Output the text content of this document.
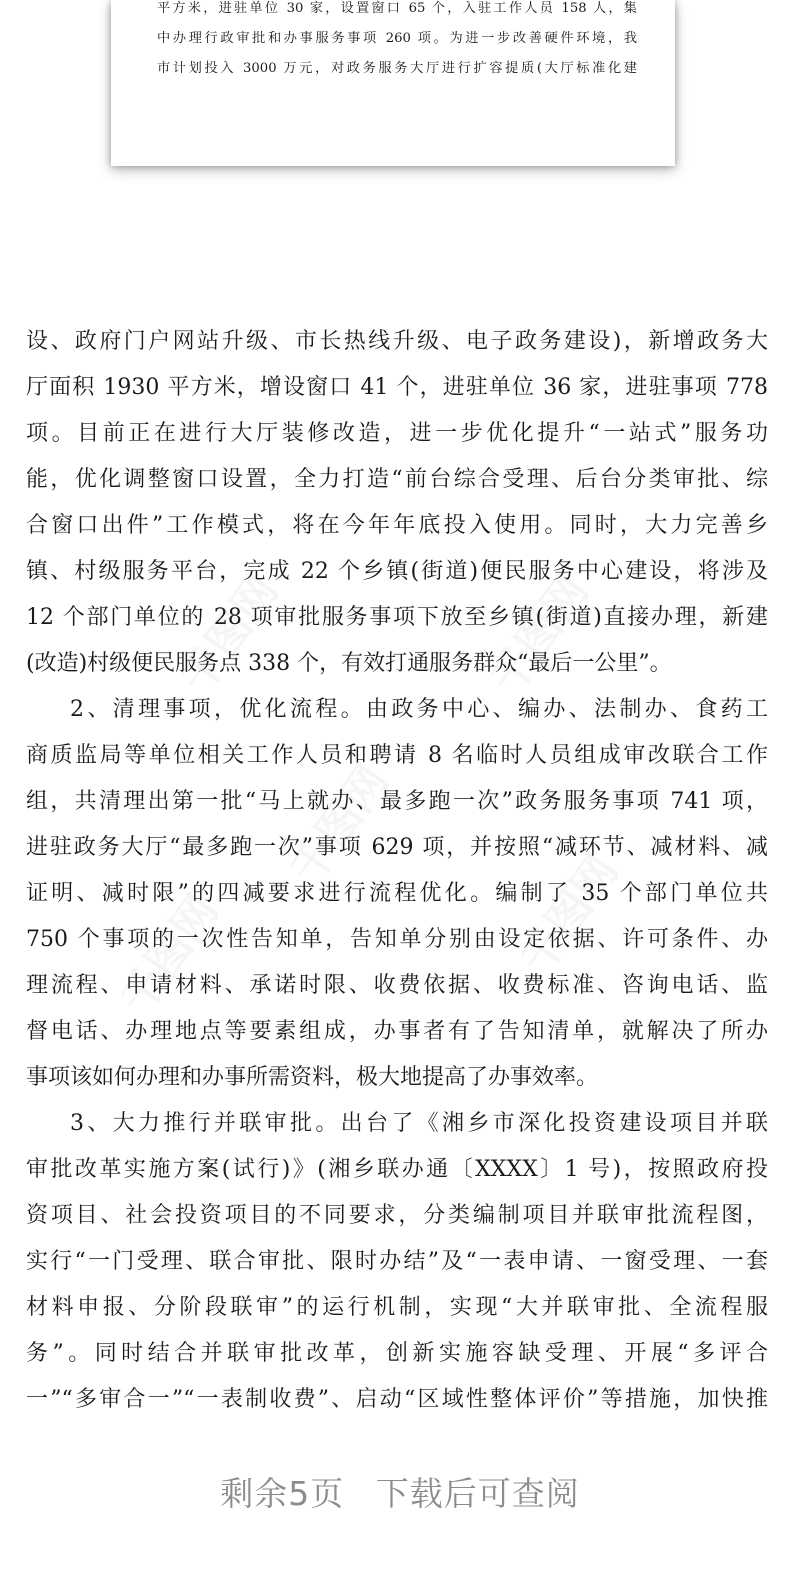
平方米，进驻单位 30 家，设置窗口 65 个，入驻工作人员 158 人，集
中办理行政审批和办事服务事项 260 项。为进一步改善硬件环境，我
市计划投入 3000 万元，对政务服务大厅进行扩容提质(大厅标准化建
设、政府门户网站升级、市长热线升级、电子政务建设)，新增政务大
厅面积 1930 平方米，增设窗口 41 个，进驻单位 36 家，进驻事项 778
项。目前正在进行大厅装修改造，进一步优化提升“一站式”服务功
能，优化调整窗口设置，全力打造“前台综合受理、后台分类审批、综
合窗口出件”工作模式，将在今年年底投入使用。同时，大力完善乡
镇、村级服务平台，完成 22 个乡镇(街道)便民服务中心建设，将涉及
12 个部门单位的 28 项审批服务事项下放至乡镇(街道)直接办理，新建
(改造)村级便民服务点 338 个，有效打通服务群众“最后一公里”。
2、清理事项，优化流程。由政务中心、编办、法制办、食药工
商质监局等单位相关工作人员和聘请 8 名临时人员组成审改联合工作
组，共清理出第一批“马上就办、最多跑一次”政务服务事项 741 项，
进驻政务大厅“最多跑一次”事项 629 项，并按照“减环节、减材料、减
证明、减时限”的四减要求进行流程优化。编制了 35 个部门单位共
750 个事项的一次性告知单，告知单分别由设定依据、许可条件、办
理流程、申请材料、承诺时限、收费依据、收费标准、咨询电话、监
督电话、办理地点等要素组成，办事者有了告知清单，就解决了所办
事项该如何办理和办事所需资料，极大地提高了办事效率。
3、大力推行并联审批。出台了《湘乡市深化投资建设项目并联
审批改革实施方案(试行)》(湘乡联办通〔XXXX〕1 号)，按照政府投
资项目、社会投资项目的不同要求，分类编制项目并联审批流程图，
实行“一门受理、联合审批、限时办结”及“一表申请、一窗受理、一套
材料申报、分阶段联审”的运行机制，实现“大并联审批、全流程服
务”。同时结合并联审批改革，创新实施容缺受理、开展“多评合
一”“多审合一”“一表制收费”、启动“区域性整体评价”等措施，加快推
剩余5页 下载后可查阅
